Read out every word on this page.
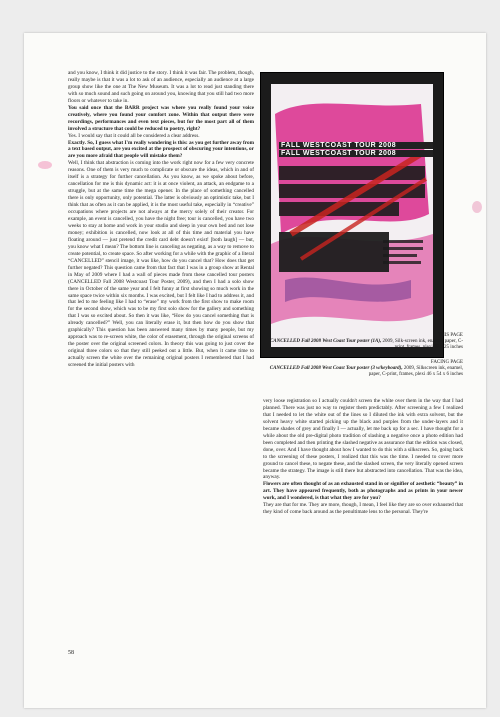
and you know, I think it did justice to the story. I think it was fair. The problem, though, really maybe is that it was a lot to ask of an audience, especially an audience at a large group show like the one at The New Museum. It was a lot to read just standing there with so much sound and such going on around you, knowing that you still had two more floors or whatever to take in.

You said once that the BARR project was where you really found your voice creatively, where you found your comfort zone. Within that output there were recordings, performances and even text pieces, but for the most part all of them involved a structure that could be reduced to poetry, right?

Yes. I would say that it could all be considered a clear address.

Exactly. So, I guess what I'm really wondering is this: as you get further away from a text based output, are you excited at the prospect of obscuring your intentions, or are you more afraid that people will mistake them?

Well, I think that abstraction is coming into the work right now for a few very concrete reasons. One of them is very much to complicate or obscure the ideas, which in and of itself is a strategy for further cancellation. As you know, as we spoke about before, cancellation for me is this dynamic act: it is at once violent, an attack, an endgame to a struggle, but at the same time the mega opener. In the place of something cancelled there is only opportunity, only potential. The latter is obviously an optimistic take, but I think that as often as it can be applied, it is the most useful take, especially in “creative” occupations where projects are not always at the mercy solely of their creator. For example, an event is cancelled, you have the night free; tour is cancelled, you have two weeks to stay at home and work in your studio and sleep in your own bed and not lose money; exhibition is cancelled, now look at all of this time and material you have floating around — just pretend the credit card debt doesn't exist! [both laugh] — but, you know what I mean? The bottom line is canceling as negating, as a way to remove to create potential, to create space. So after working for a while with the graphic of a literal “CANCELLED” stencil image, it was like, how do you cancel that? How does that get further negated? This question came from that fact that I was in a group show at Rental in May of 2009 where I had a wall of pieces made from these cancelled tour posters (CANCELLED Fall 2008 Westcoast Tour Poster, 2009), and then I had a solo show there in October of the same year and I felt funny at first showing so much work in the same space twice within six months. I was excited, but I felt like I had to address it, and that led to me feeling like I had to “erase” my work from the first show to make room for the second show, which was to be my first solo show for the gallery and something that I was so excited about. So then it was like, “How do you cancel something that is already cancelled?” Well, you can literally erase it, but then how do you show that graphically? This question has been answered many times by many people, but my approach was to re-screen white, the color of erasement, through the original screens of the poster over the original screened colors. In theory this was going to just cover the original three colors so that they still peeked out a little. But, when it came time to actually screen the white over the remaining original posters I remembered that I had screened the initial posters with

FALL WESTCOAST TOUR 2008
FALL WESTCOAST TOUR 2008
THIS PAGE
CANCELLED Fall 2008 West Coast Tour poster (1A), 2009, Silk-screen ink, enamel, paper, C-print, frames, plexi 37 x 25 inches
FACING PAGE
CANCELLED Fall 2008 West Coast Tour poster (3 w/keyboard), 2009, Silkscreen ink, enamel, paper, C-print, frames, plexi 46 x 54 x 6 inches

very loose registration so I actually couldn't screen the white over them in the way that I had planned. There was just no way to register them predictably. After screening a few I realized that I needed to let the white out of the lines so I diluted the ink with extra solvent, but the solvent heavy white started picking up the black and purples from the under-layers and it became shades of grey and finally I — actually, let me back up for a sec. I have thought for a while about the old pre-digital photo tradition of slashing a negative once a photo edition had been completed and then printing the slashed negative as assurance that the edition was closed, done, over. And I have thought about how I wanted to do this with a silkscreen. So, going back to the screening of these posters, I realized that this was the time. I needed to cover more ground to cancel these, to negate these, and the slashed screen, the very literally opened screen became the strategy. The image is still there but abstracted into cancellation. That was the idea, anyway.

Flowers are often thought of as an exhausted stand in or signifier of aesthetic “beauty” in art. They have appeared frequently, both as photographs and as prints in your newer work, and I wondered, is that what they are for you?

They are that for me. They are more, though, I mean, I feel like they are so over exhausted that they kind of come back around as the penultimate lens to the personal. They're

58
